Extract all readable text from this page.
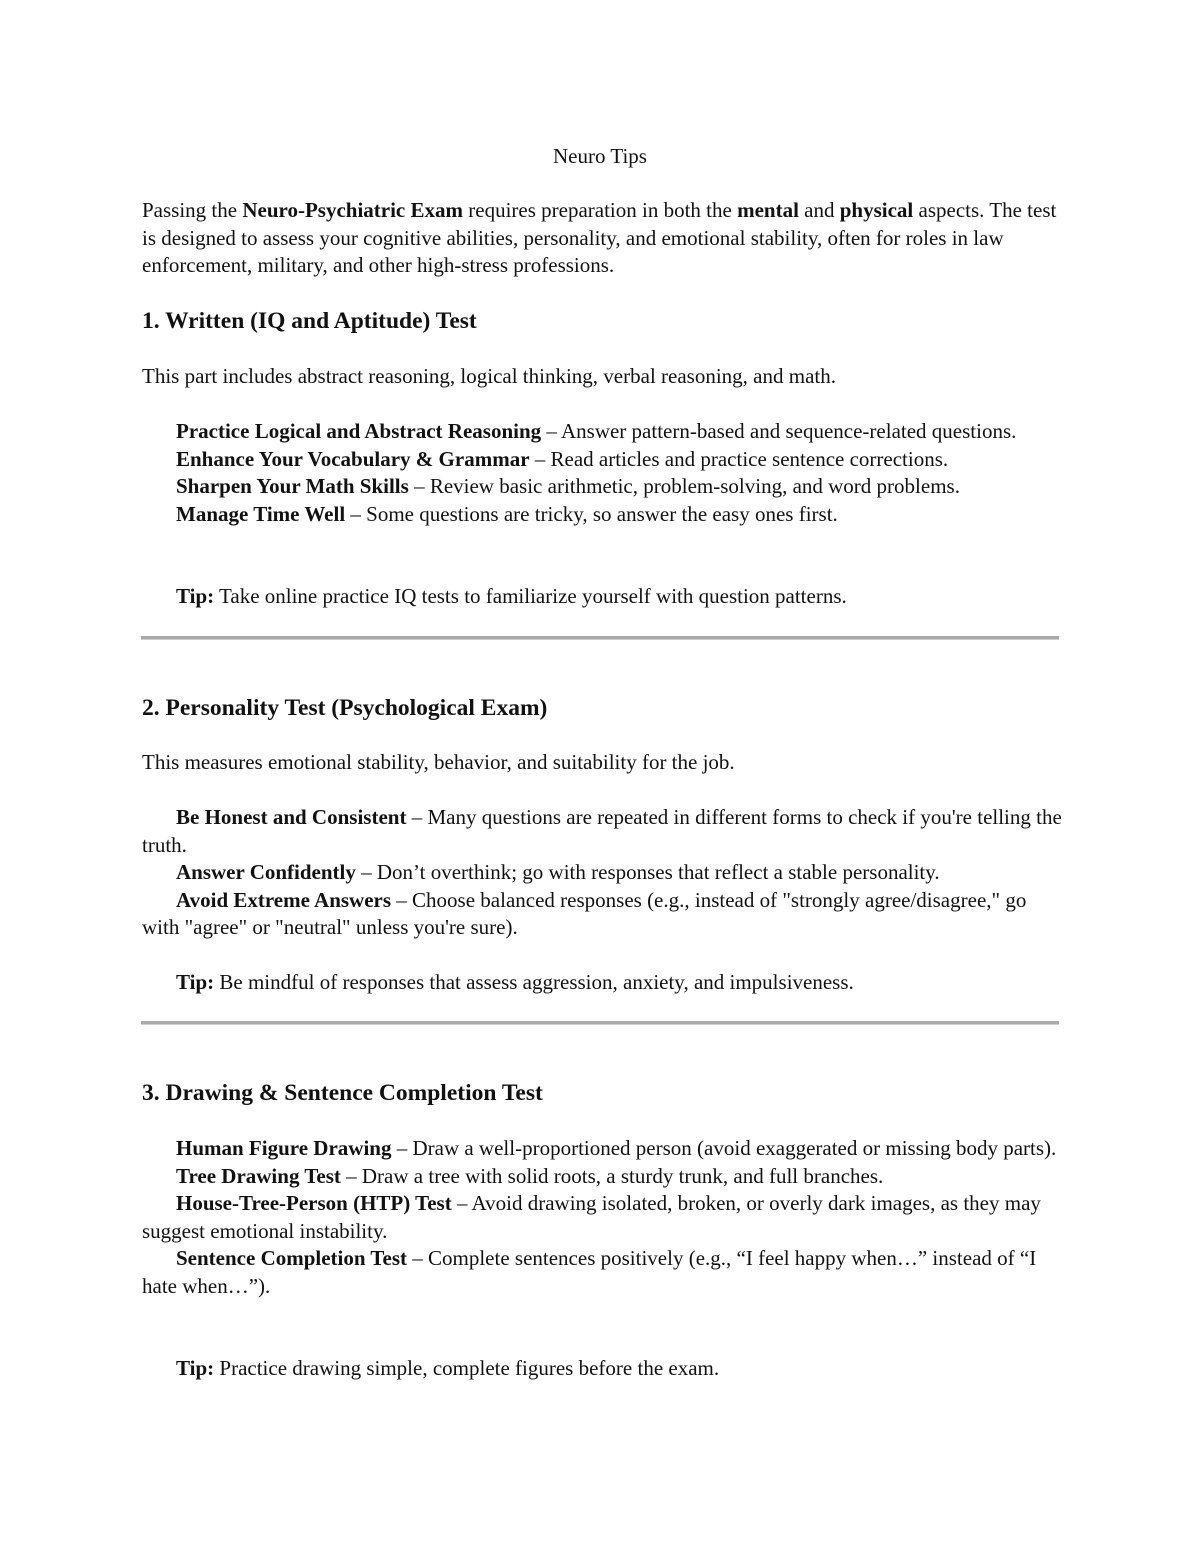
Neuro Tips

Passing the Neuro-Psychiatric Exam requires preparation in both the mental and physical aspects. The test is designed to assess your cognitive abilities, personality, and emotional stability, often for roles in law enforcement, military, and other high-stress professions.

1. Written (IQ and Aptitude) Test
This part includes abstract reasoning, logical thinking, verbal reasoning, and math.

Practice Logical and Abstract Reasoning – Answer pattern-based and sequence-related questions.

Enhance Your Vocabulary & Grammar – Read articles and practice sentence corrections.

Sharpen Your Math Skills – Review basic arithmetic, problem-solving, and word problems.

Manage Time Well – Some questions are tricky, so answer the easy ones first.

Tip: Take online practice IQ tests to familiarize yourself with question patterns.

2. Personality Test (Psychological Exam)
This measures emotional stability, behavior, and suitability for the job.

Be Honest and Consistent – Many questions are repeated in different forms to check if you're telling the truth.

Answer Confidently – Don’t overthink; go with responses that reflect a stable personality.

Avoid Extreme Answers – Choose balanced responses (e.g., instead of "strongly agree/disagree," go with "agree" or "neutral" unless you're sure).

Tip: Be mindful of responses that assess aggression, anxiety, and impulsiveness.

3. Drawing & Sentence Completion Test

Human Figure Drawing – Draw a well-proportioned person (avoid exaggerated or missing body parts).

Tree Drawing Test – Draw a tree with solid roots, a sturdy trunk, and full branches.

House-Tree-Person (HTP) Test – Avoid drawing isolated, broken, or overly dark images, as they may suggest emotional instability.

Sentence Completion Test – Complete sentences positively (e.g., “I feel happy when…” instead of “I hate when…”).

Tip: Practice drawing simple, complete figures before the exam.
